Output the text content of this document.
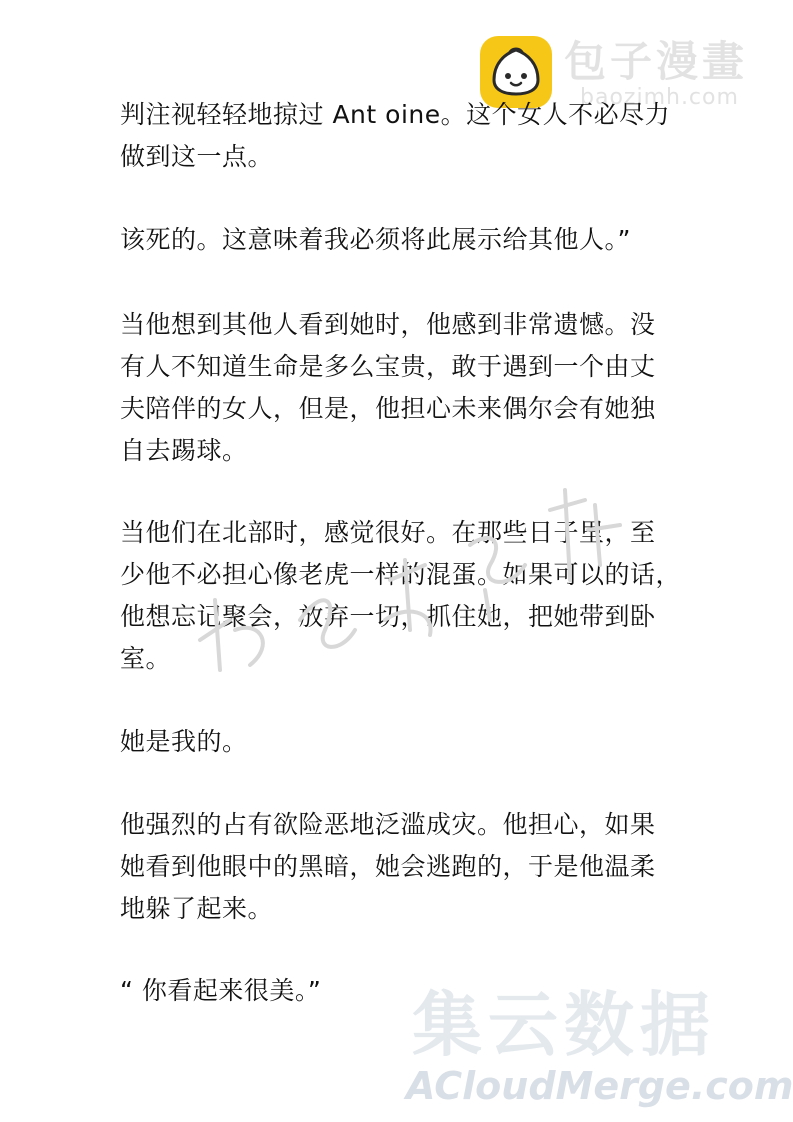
包子漫畫
baozimh.com
判注视轻轻地掠过 Ant oine。这个女人不必尽力
做到这一点。
该死的。这意味着我必须将此展示给其他人。”
当他想到其他人看到她时，他感到非常遗憾。没
有人不知道生命是多么宝贵，敢于遇到一个由丈
夫陪伴的女人，但是，他担心未来偶尔会有她独
自去踢球。
当他们在北部时，感觉很好。在那些日子里，至
少他不必担心像老虎一样的混蛋。如果可以的话，
他想忘记聚会，放弃一切，抓住她，把她带到卧
室。
她是我的。
他强烈的占有欲险恶地泛滥成灾。他担心，如果
她看到他眼中的黑暗，她会逃跑的，于是他温柔
地躲了起来。
“ 你看起来很美。” 集云数据
ACloudMerge.com
